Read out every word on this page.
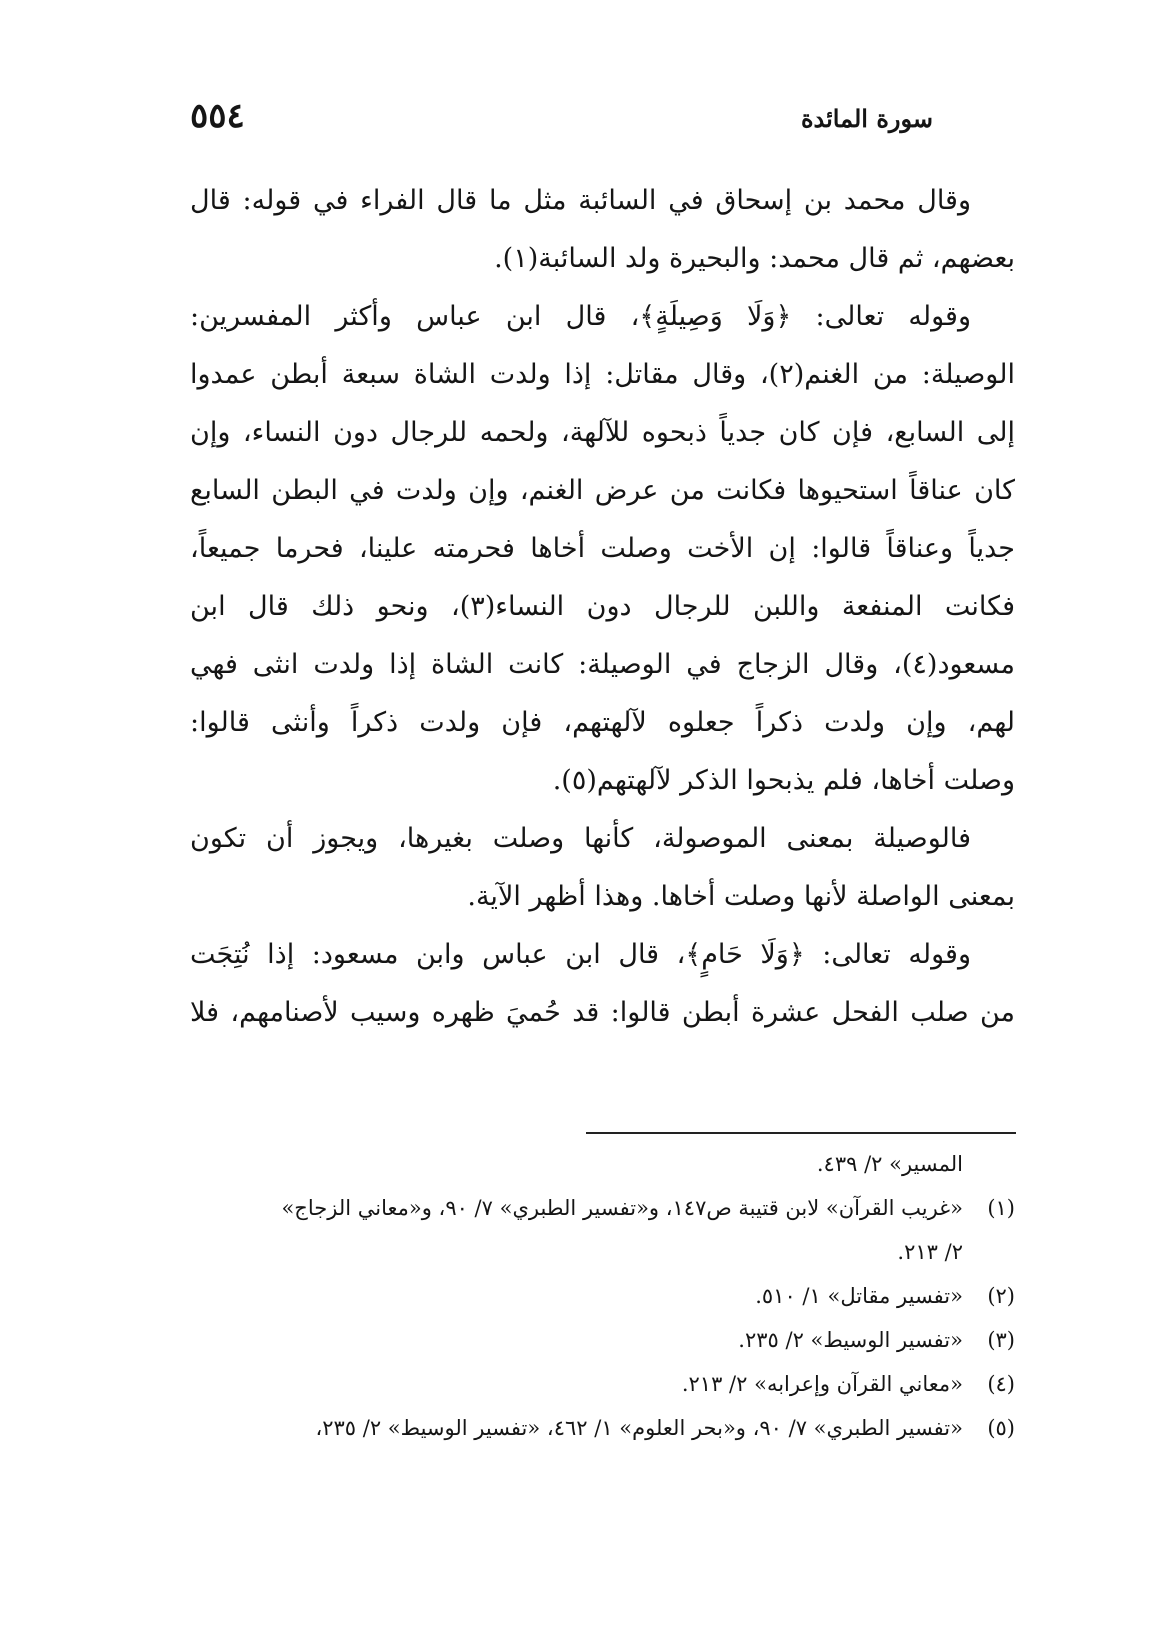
سورة المائدة
٥٥٤
وقال محمد بن إسحاق في السائبة مثل ما قال الفراء في قوله: قال
بعضهم، ثم قال محمد: والبحيرة ولد السائبة(١).
وقوله تعالى: ﴿وَلَا وَصِيلَةٍ﴾، قال ابن عباس وأكثر المفسرين:
الوصيلة: من الغنم(٢)، وقال مقاتل: إذا ولدت الشاة سبعة أبطن عمدوا
إلى السابع، فإن كان جدياً ذبحوه للآلهة، ولحمه للرجال دون النساء، وإن
كان عناقاً استحيوها فكانت من عرض الغنم، وإن ولدت في البطن السابع
جدياً وعناقاً قالوا: إن الأخت وصلت أخاها فحرمته علينا، فحرما جميعاً،
فكانت المنفعة واللبن للرجال دون النساء(٣)، ونحو ذلك قال ابن
مسعود(٤)، وقال الزجاج في الوصيلة: كانت الشاة إذا ولدت انثى فهي
لهم، وإن ولدت ذكراً جعلوه لآلهتهم، فإن ولدت ذكراً وأنثى قالوا:
وصلت أخاها، فلم يذبحوا الذكر لآلهتهم(٥).
فالوصيلة بمعنى الموصولة، كأنها وصلت بغيرها، ويجوز أن تكون
بمعنى الواصلة لأنها وصلت أخاها. وهذا أظهر الآية.
وقوله تعالى: ﴿وَلَا حَامٍ﴾، قال ابن عباس وابن مسعود: إذا نُتِجَت
من صلب الفحل عشرة أبطن قالوا: قد حُميَ ظهره وسيب لأصنامهم، فلا
المسير» ٢/ ٤٣٩.
(١)«غريب القرآن» لابن قتيبة ص١٤٧، و«تفسير الطبري» ٧/ ٩٠، و«معاني الزجاج»
٢/ ٢١٣.
(٢)«تفسير مقاتل» ١/ ٥١٠.
(٣)«تفسير الوسيط» ٢/ ٢٣٥.
(٤)«معاني القرآن وإعرابه» ٢/ ٢١٣.
(٥)«تفسير الطبري» ٧/ ٩٠، و«بحر العلوم» ١/ ٤٦٢، «تفسير الوسيط» ٢/ ٢٣٥،
